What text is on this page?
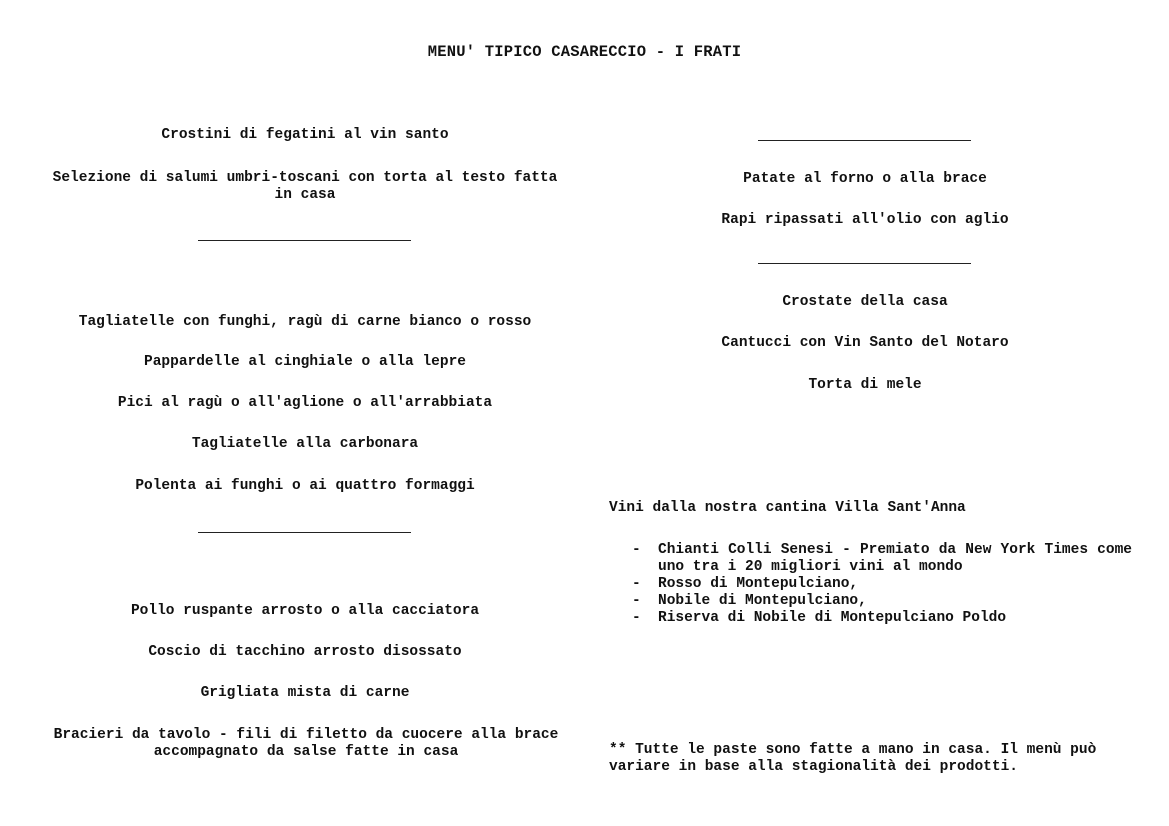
MENU' TIPICO CASARECCIO - I FRATI
Crostini di fegatini al vin santo
Selezione di salumi umbri-toscani con torta al testo fatta in casa
Tagliatelle con funghi, ragù di carne bianco o rosso
Pappardelle al cinghiale o alla lepre
Pici al ragù o all'aglione o all'arrabbiata
Tagliatelle alla carbonara
Polenta ai funghi o ai quattro formaggi
Pollo ruspante arrosto o alla cacciatora
Coscio di tacchino arrosto disossato
Grigliata mista di carne
Bracieri da tavolo - fili di filetto da cuocere alla brace accompagnato da salse fatte in casa
Patate al forno o alla brace
Rapi ripassati all'olio con aglio
Crostate della casa
Cantucci con Vin Santo del Notaro
Torta di mele
Vini dalla nostra cantina Villa Sant'Anna
- Chianti Colli Senesi - Premiato da New York Times come uno tra i 20 migliori vini al mondo
- Rosso di Montepulciano,
- Nobile di Montepulciano,
- Riserva di Nobile di Montepulciano Poldo
** Tutte le paste sono fatte a mano in casa. Il menù può variare in base alla stagionalità dei prodotti.
